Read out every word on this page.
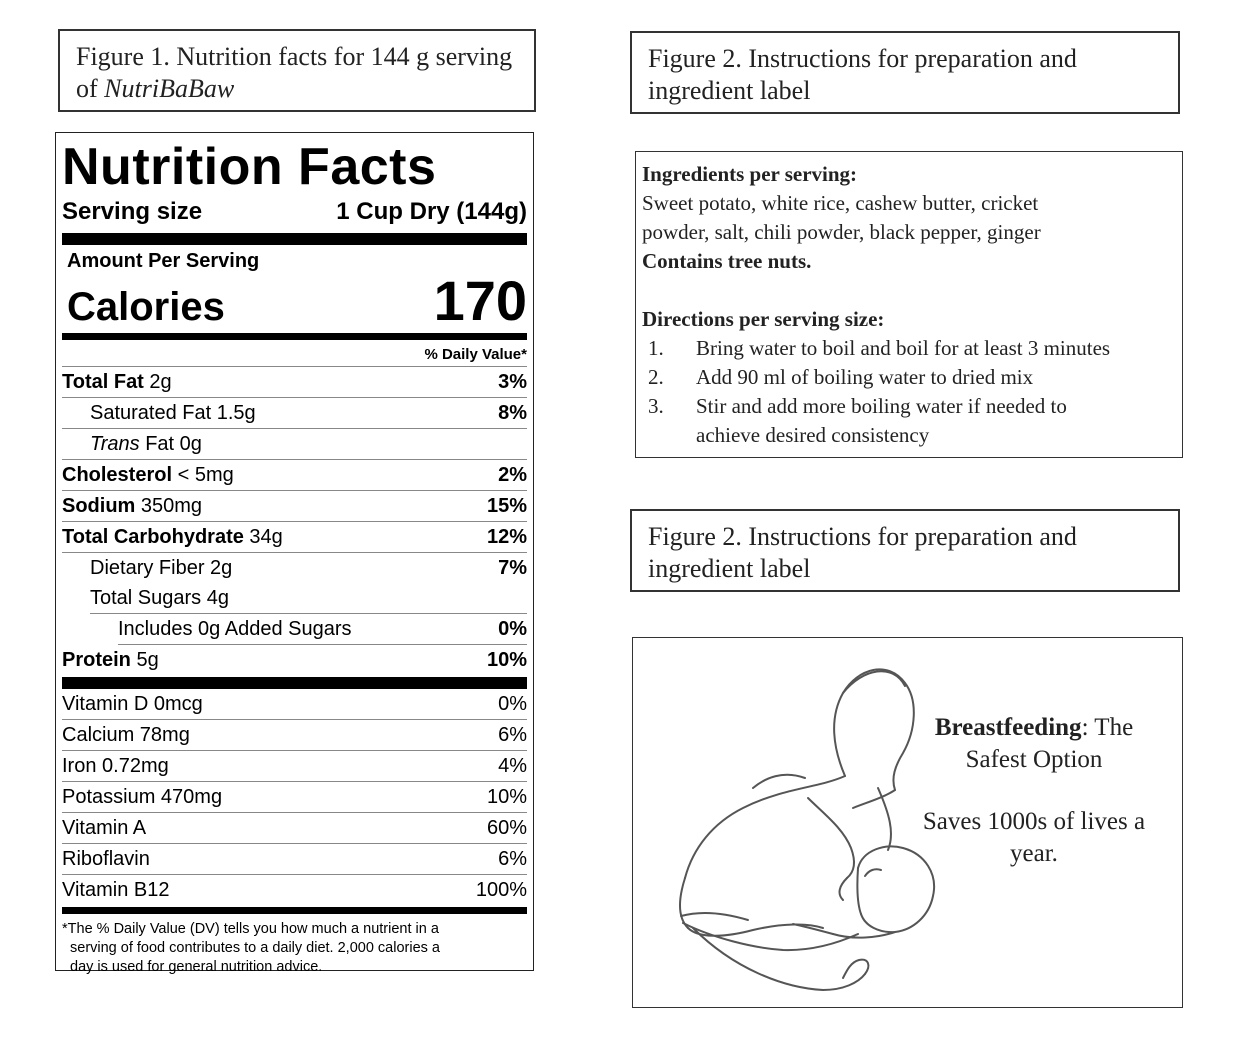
Figure 1. Nutrition facts for 144 g serving of NutriBaBaw
Figure 2. Instructions for preparation and ingredient label
Figure 2. Instructions for preparation and ingredient label
Nutrition Facts
Serving size	1 Cup Dry (144g)
Amount Per Serving
Calories	170
% Daily Value*
Total Fat 2g	3%
Saturated Fat 1.5g	8%
Trans Fat 0g
Cholesterol < 5mg	2%
Sodium 350mg	15%
Total Carbohydrate 34g	12%
Dietary Fiber 2g	7%
Total Sugars 4g
Includes 0g Added Sugars	0%
Protein 5g	10%
Vitamin D 0mcg	0%
Calcium 78mg	6%
Iron 0.72mg	4%
Potassium 470mg	10%
Vitamin A	60%
Riboflavin	6%
Vitamin B12	100%
*The % Daily Value (DV) tells you how much a nutrient in a
serving of food contributes to a daily diet. 2,000 calories a
day is used for general nutrition advice.
Ingredients per serving:
Sweet potato, white rice, cashew butter, cricket
powder, salt, chili powder, black pepper, ginger
Contains tree nuts.
Directions per serving size:
1.	Bring water to boil and boil for at least 3 minutes
2.	Add 90 ml of boiling water to dried mix
3.	Stir and add more boiling water if needed to
achieve desired consistency

Breastfeeding: The

Safest Option

Saves 1000s of lives a

year.
